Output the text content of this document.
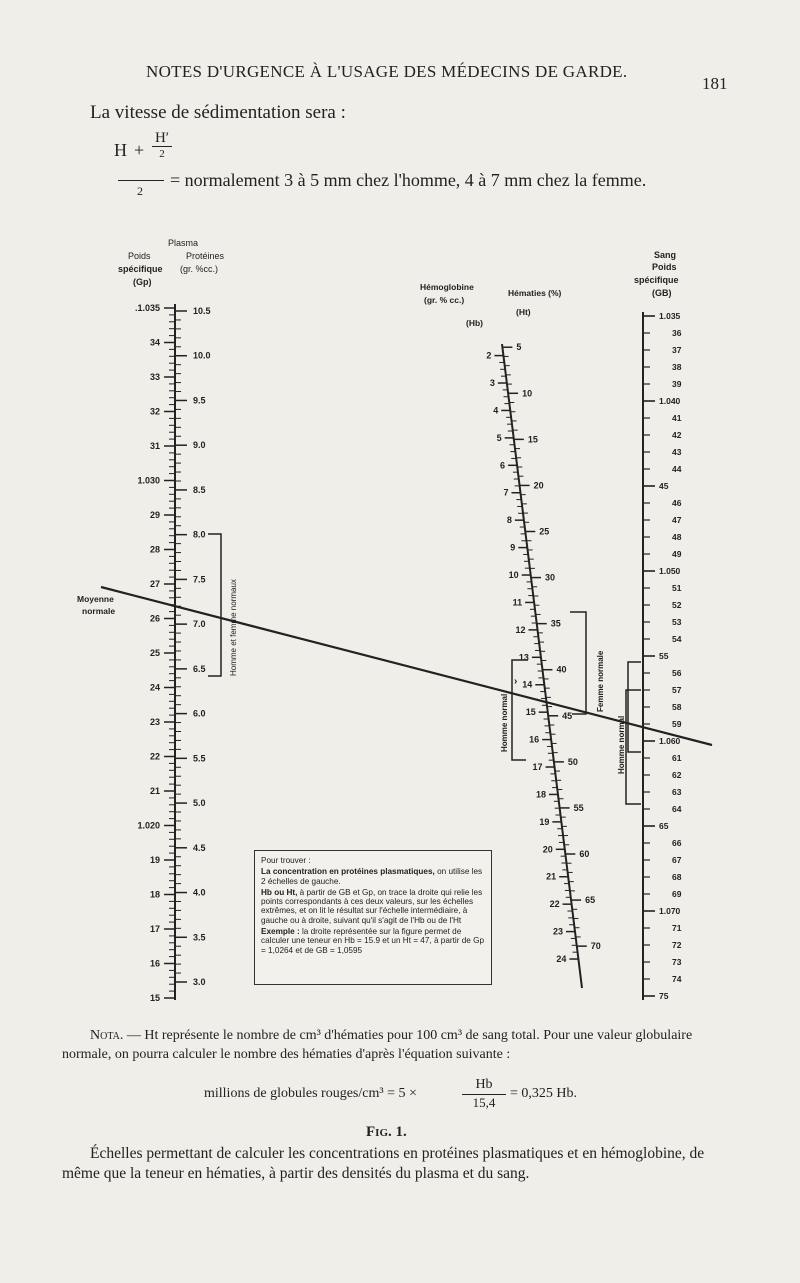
NOTES D'URGENCE À L'USAGE DES MÉDECINS DE GARDE.
181
La vitesse de sédimentation sera :
H +
H′
2
2
= normalement 3 à 5 mm chez l'homme, 4 à 7 mm chez la femme.
Plasma
Protéines
(gr. %cc.)
Poids
spécifique
(Gp)	Hémoglobine
(gr. % cc.)
(Hb)
Hématies (%)
(Ht)
Sang
Poids
spécifique
(GB)
.1.035
34
33
32
31
1.030
29
28
27
26
25
24
23
22
21
1.020
19
18
17
16
15
10.5
10.0
9.5
9.0
8.5
8.0
7.5
7.0
6.5
6.0
5.5
5.0
4.5
4.0
3.5
3.0
2
3
4
5
6
7
8
9
10
11
12
13
14
15
16
17
18
19
20
21
22
23
24
5
10
15
20
25
30
35
40
45
50
55
60
65
70
1.035
36
37
38
39
1.040
41
42
43
44
45
46
47
48
49
1.050
51
52
53
54
55
56
57
58
59
1.060
61
62
63
64
65
66
67
68
69
1.070
71
72
73
74
75
Moyenne
normale	Homme et femme normaux
Homme normal
Femme normale
Homme normal
›

Pour trouver :

La concentration en protéines plasmatiques, on utilise les 2 échelles de gauche.

Hb ou Ht, à partir de GB et Gp, on trace la droite qui relie les points correspondants à ces deux valeurs, sur les échelles extrêmes, et on lit le résultat sur l'échelle intermédiaire, à gauche ou à droite, suivant qu'il s'agit de l'Hb ou de l'Ht

Exemple : la droite représentée sur la figure permet de calculer une teneur en Hb = 15.9 et un Ht = 47, à partir de Gp = 1,0264 et de GB = 1,0595

Nota. — Ht représente le nombre de cm³ d'hématies pour 100 cm³ de sang total. Pour une valeur globulaire normale, on pourra calculer le nombre des hématies d'après l'équation suivante :
millions de globules rouges/cm³ = 5 ×	$\frac{Hb}{15,4} = 0,325$ Hb.
Fig. 1.
Échelles permettant de calculer les concentrations en protéines plasmatiques et en hémoglobine, de même que la teneur en hématies, à partir des densités du plasma et du sang.
